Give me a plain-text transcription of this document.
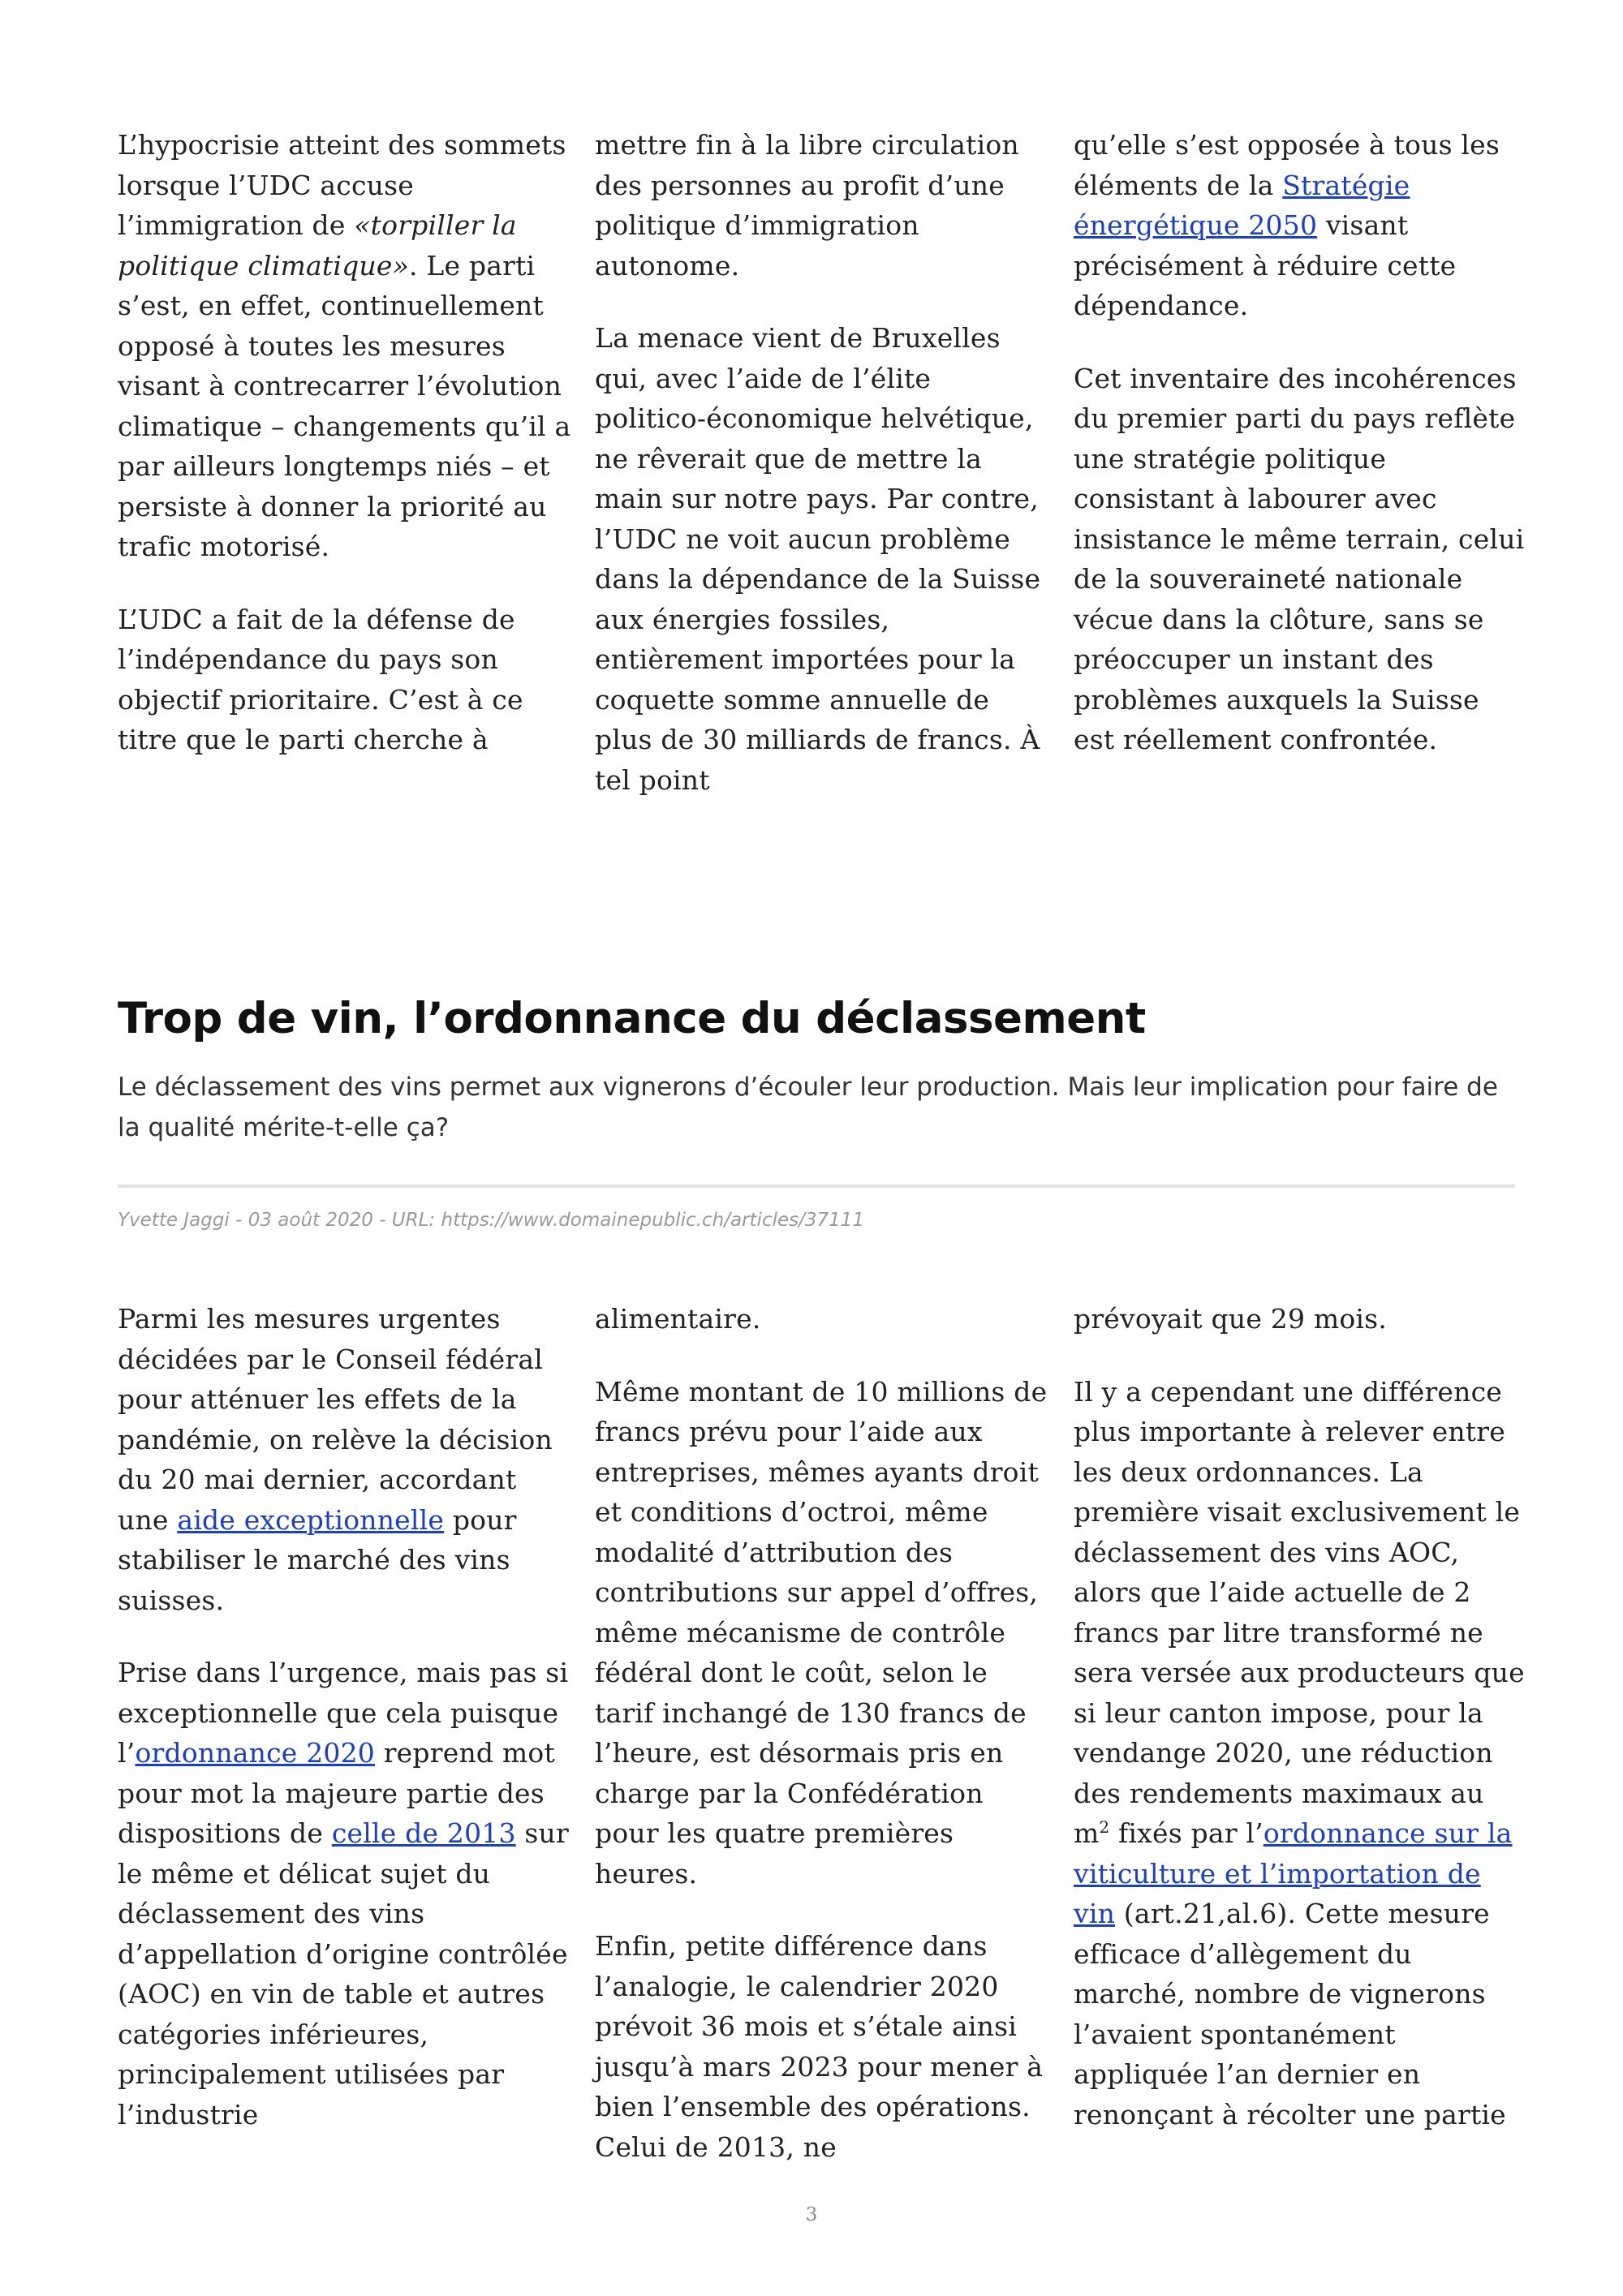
L’hypocrisie atteint des sommets lorsque l’UDC accuse l’immigration de «torpiller la politique climatique». Le parti s’est, en effet, continuellement opposé à toutes les mesures visant à contrecarrer l’évolution climatique – changements qu’il a par ailleurs longtemps niés – et persiste à donner la priorité au trafic motorisé.

L’UDC a fait de la défense de l’indépendance du pays son objectif prioritaire. C’est à ce titre que le parti cherche à

mettre fin à la libre circulation des personnes au profit d’une politique d’immigration autonome.

La menace vient de Bruxelles qui, avec l’aide de l’élite politico-économique helvétique, ne rêverait que de mettre la main sur notre pays. Par contre, l’UDC ne voit aucun problème dans la dépendance de la Suisse aux énergies fossiles, entièrement importées pour la coquette somme annuelle de plus de 30 milliards de francs. À tel point

qu’elle s’est opposée à tous les éléments de la Stratégie énergétique 2050 visant précisément à réduire cette dépendance.

Cet inventaire des incohérences du premier parti du pays reflète une stratégie politique consistant à labourer avec insistance le même terrain, celui de la souveraineté nationale vécue dans la clôture, sans se préoccuper un instant des problèmes auxquels la Suisse est réellement confrontée.

Trop de vin, l’ordonnance du déclassement

Le déclassement des vins permet aux vignerons d’écouler leur production. Mais leur implication pour faire de la qualité mérite-t-elle ça?

Yvette Jaggi - 03 août 2020 - URL: https://www.domainepublic.ch/articles/37111

Parmi les mesures urgentes décidées par le Conseil fédéral pour atténuer les effets de la pandémie, on relève la décision du 20 mai dernier, accordant une aide exceptionnelle pour stabiliser le marché des vins suisses.

Prise dans l’urgence, mais pas si exceptionnelle que cela puisque l’ordonnance 2020 reprend mot pour mot la majeure partie des dispositions de celle de 2013 sur le même et délicat sujet du déclassement des vins d’appellation d’origine contrôlée (AOC) en vin de table et autres catégories inférieures, principalement utilisées par l’industrie

alimentaire.

Même montant de 10 millions de francs prévu pour l’aide aux entreprises, mêmes ayants droit et conditions d’octroi, même modalité d’attribution des contributions sur appel d’offres, même mécanisme de contrôle fédéral dont le coût, selon le tarif inchangé de 130 francs de l’heure, est désormais pris en charge par la Confédération pour les quatre premières heures.

Enfin, petite différence dans l’analogie, le calendrier 2020 prévoit 36 mois et s’étale ainsi jusqu’à mars 2023 pour mener à bien l’ensemble des opérations. Celui de 2013, ne

prévoyait que 29 mois.

Il y a cependant une différence plus importante à relever entre les deux ordonnances. La première visait exclusivement le déclassement des vins AOC, alors que l’aide actuelle de 2 francs par litre transformé ne sera versée aux producteurs que si leur canton impose, pour la vendange 2020, une réduction des rendements maximaux au $m^2$ fixés par l’ordonnance sur la viticulture et l’importation de vin (art.21,al.6). Cette mesure efficace d’allègement du marché, nombre de vignerons l’avaient spontanément appliquée l’an dernier en renonçant à récolter une partie

3
